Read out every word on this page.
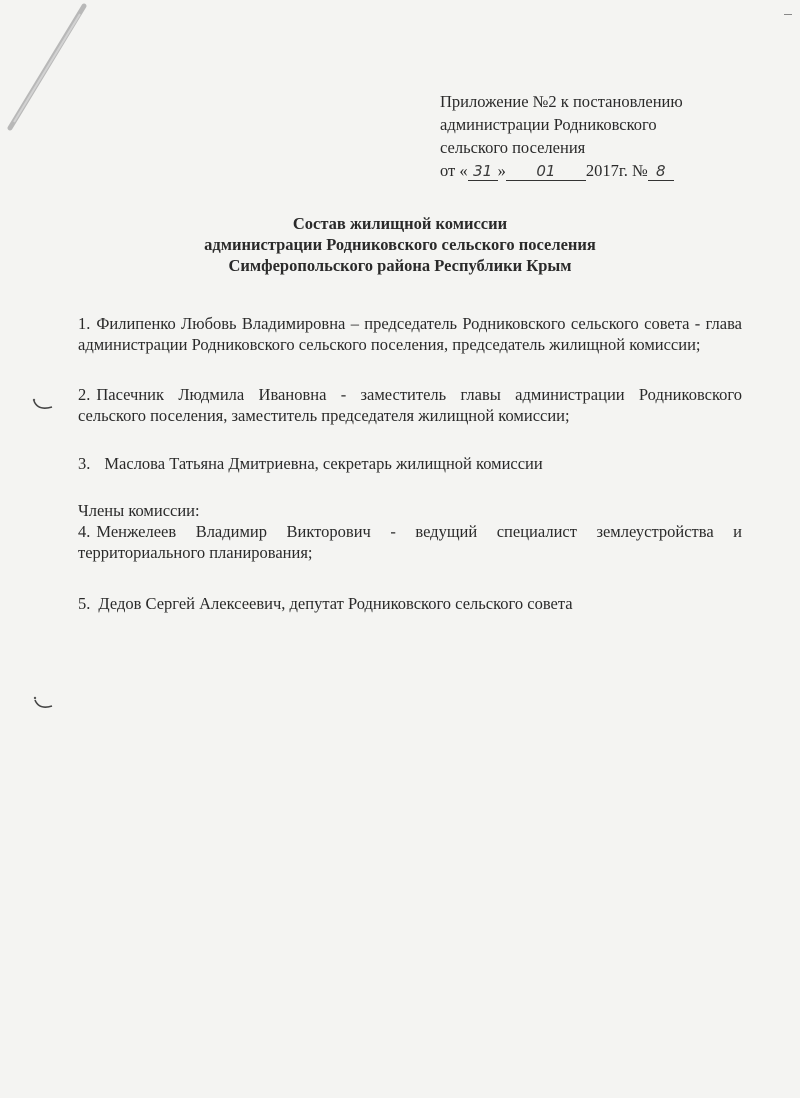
Приложение №2 к постановлению
администрации Родниковского
сельского поселения
от « 31 » 01 2017г. № 8
Состав жилищной комиссии
администрации Родниковского сельского поселения
Симферопольского района Республики Крым

1. Филипенко Любовь Владимировна – председатель Родниковского сельского совета - глава администрации Родниковского сельского поселения, председатель жилищной комиссии;

2. Пасечник Людмила Ивановна - заместитель главы администрации Родниковского сельского поселения, заместитель председателя жилищной комиссии;

3. Маслова Татьяна Дмитриевна, секретарь жилищной комиссии

Члены комиссии:

4. Менжелеев Владимир Викторович - ведущий специалист землеустройства и территориального планирования;

5. Дедов Сергей Алексеевич, депутат Родниковского сельского совета
